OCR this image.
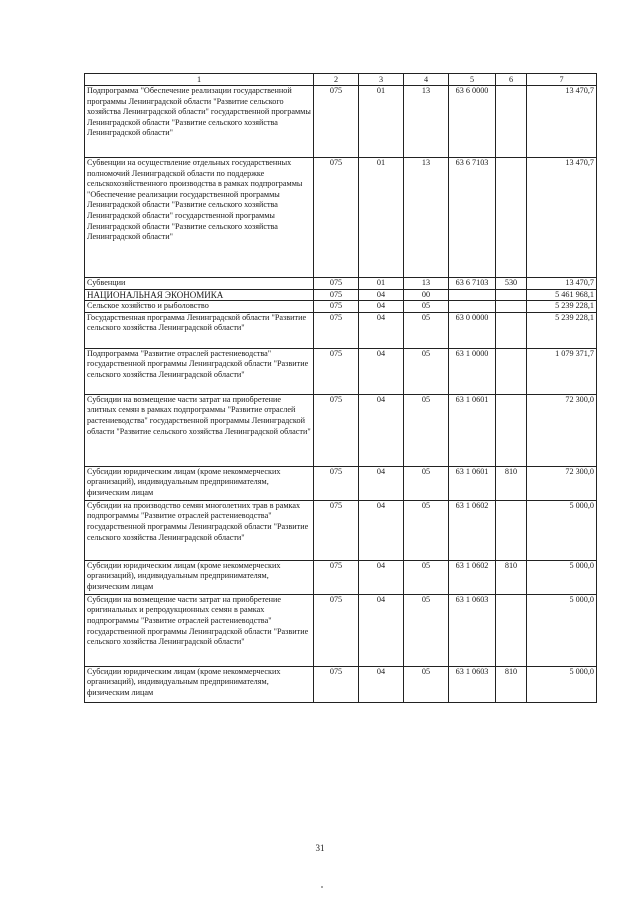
1	2	3	4	5	6	7
Подпрограмма "Обеспечение реализации государственной программы Ленинградской области "Развитие сельского хозяйства Ленинградской области" государственной программы Ленинградской области "Развитие сельского хозяйства Ленинградской области"	075	01	13	63 6 0000		13 470,7
Субвенции на осуществление отдельных государственных полномочий Ленинградской области по поддержке сельскохозяйственного производства в рамках подпрограммы "Обеспечение реализации государственной программы Ленинградской области "Развитие сельского хозяйства Ленинградской области" государственной программы Ленинградской области "Развитие сельского хозяйства Ленинградской области"	075	01	13	63 6 7103		13 470,7
Субвенции	075	01	13	63 6 7103	530	13 470,7
НАЦИОНАЛЬНАЯ ЭКОНОМИКА	075	04	00			5 461 968,1
Сельское хозяйство и рыболовство	075	04	05			5 239 228,1
Государственная программа Ленинградской области "Развитие сельского хозяйства Ленинградской области"	075	04	05	63 0 0000		5 239 228,1
Подпрограмма "Развитие отраслей растениеводства" государственной программы Ленинградской области "Развитие сельского хозяйства Ленинградской области"	075	04	05	63 1 0000		1 079 371,7
Субсидии на возмещение части затрат на приобретение элитных семян в рамках подпрограммы "Развитие отраслей растениеводства" государственной программы Ленинградской области "Развитие сельского хозяйства Ленинградской области"	075	04	05	63 1 0601		72 300,0
Субсидии юридическим лицам (кроме некоммерческих организаций), индивидуальным предпринимателям, физическим лицам	075	04	05	63 1 0601	810	72 300,0
Субсидии на производство семян многолетних трав в рамках подпрограммы "Развитие отраслей растениеводства" государственной программы Ленинградской области "Развитие сельского хозяйства Ленинградской области"	075	04	05	63 1 0602		5 000,0
Субсидии юридическим лицам (кроме некоммерческих организаций), индивидуальным предпринимателям, физическим лицам	075	04	05	63 1 0602	810	5 000,0
Субсидии на возмещение части затрат на приобретение оригинальных и репродукционных семян в рамках подпрограммы "Развитие отраслей растениеводства" государственной программы Ленинградской области "Развитие сельского хозяйства Ленинградской области"	075	04	05	63 1 0603		5 000,0
Субсидии юридическим лицам (кроме некоммерческих организаций), индивидуальным предпринимателям, физическим лицам	075	04	05	63 1 0603	810	5 000,0
31
